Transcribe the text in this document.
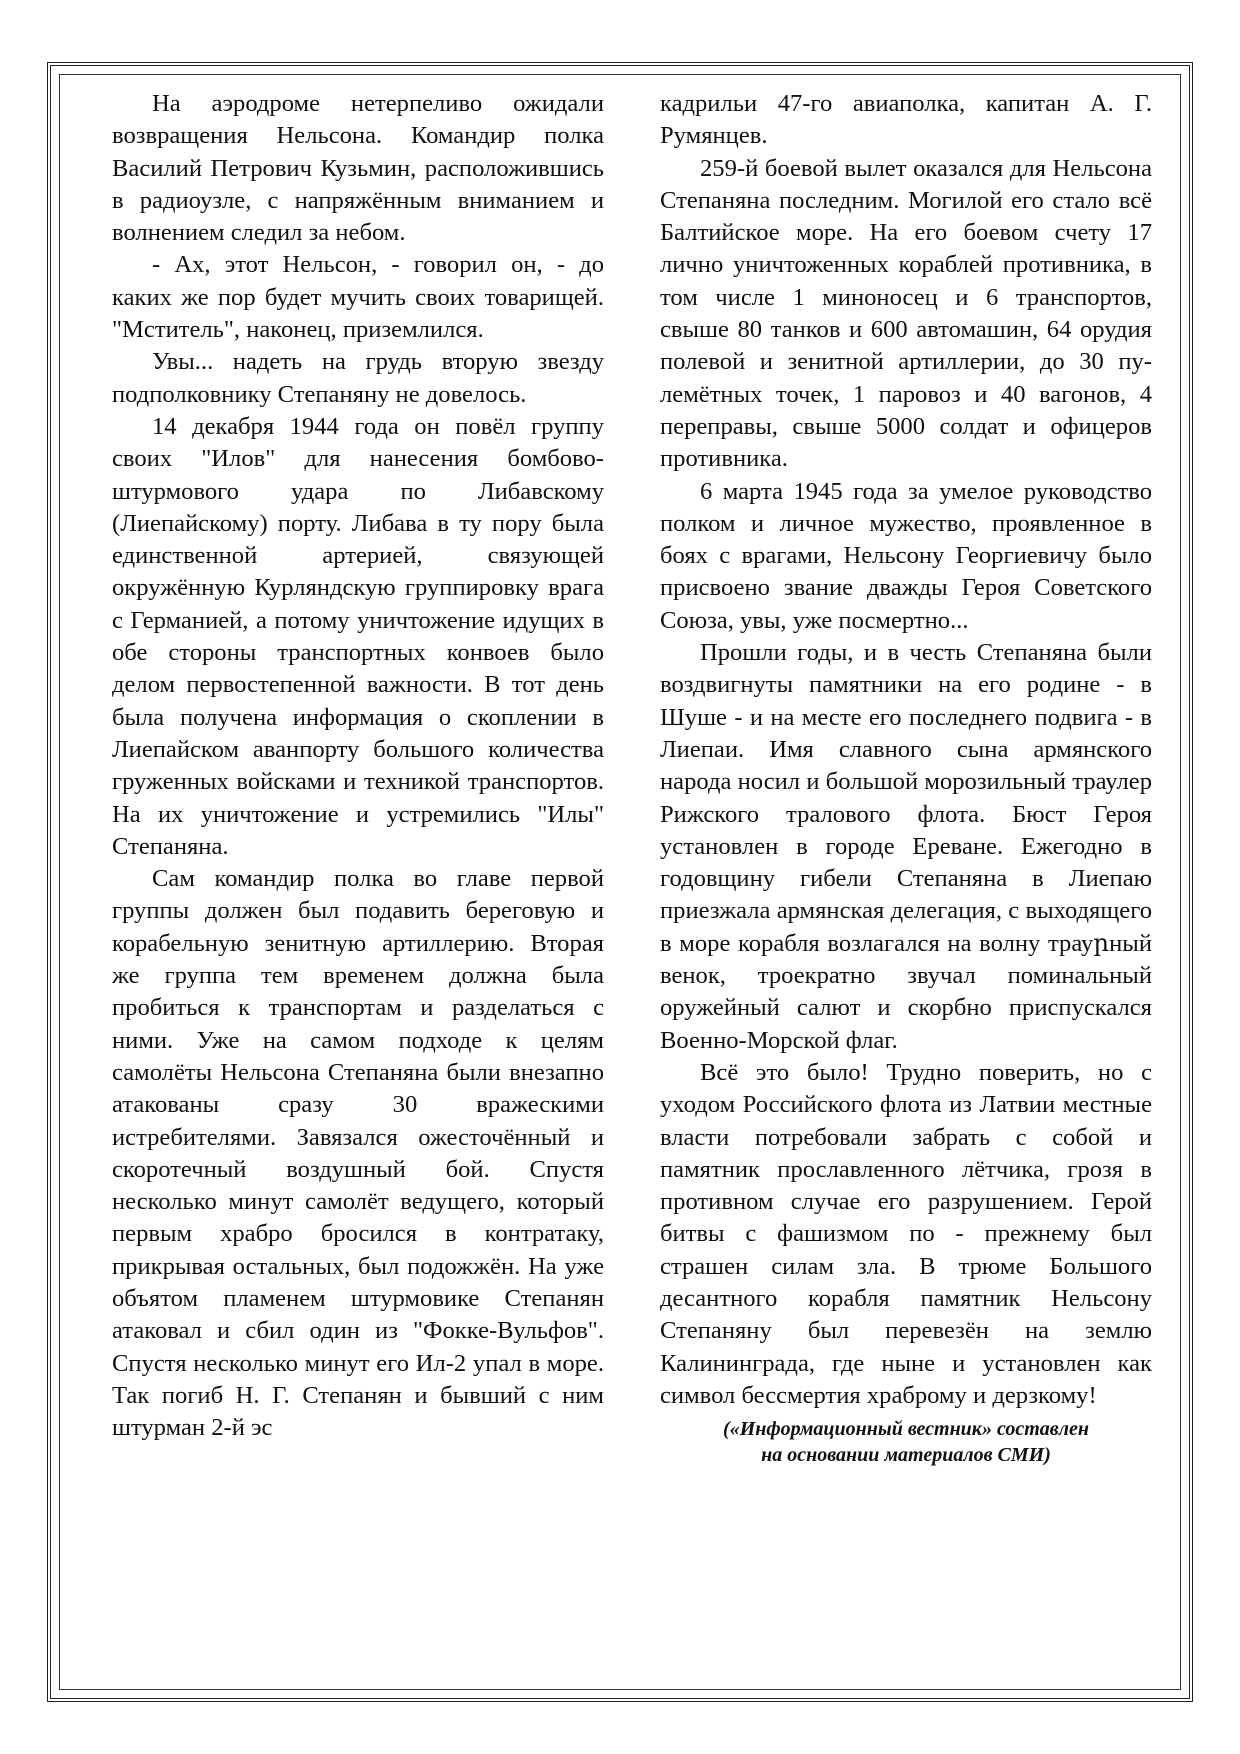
На аэродроме нетерпеливо ожидали возвращения Нельсона. Командир полка Василий Петрович Кузьмин, расположившись в радиоузле, с напряжённым вниманием и волнением следил за небом.

- Ах, этот Нельсон, - говорил он, - до каких же пор будет мучить своих товарищей. "Мститель", наконец, приземлился.

Увы... надеть на грудь вторую звезду подполковнику Степаняну не довелось.

14 декабря 1944 года он повёл группу своих "Илов" для нанесения бомбово-штурмового удара по Либавскому (Лиепайскому) порту. Либава в ту пору была единственной артерией, связующей окружённую Курляндскую группировку врага с Германией, а потому уничтожение идущих в обе стороны транспортных конвоев было делом первостепенной важности. В тот день была получена информация о скоплении в Лиепайском аванпорту большого количества груженных войсками и техникой транспортов. На их уничтожение и устремились "Илы" Степаняна.

Сам командир полка во главе первой группы должен был подавить береговую и корабельную зенитную артиллерию. Вторая же группа тем временем должна была пробиться к транспортам и разделаться с ними. Уже на самом подходе к целям самолёты Нельсона Степаняна были внезапно атакованы сразу 30 вражескими истребителями. Завязался ожесточённый и скоротечный воздушный бой. Спустя несколько минут самолёт ведущего, который первым храбро бросился в контратаку, прикрывая остальных, был подожжён. На уже объятом пламенем штурмовике Степанян атаковал и сбил один из "Фокке-Вульфов". Спустя несколько минут его Ил-2 упал в море. Так погиб Н. Г. Степанян и бывший с ним штурман 2-й эс

кадрильи 47-го авиаполка, капитан А. Г. Румянцев.

259-й боевой вылет оказался для Нельсона Степаняна последним. Могилой его стало всё Балтийское море. На его боевом счету 17 лично уничтоженных кораблей противника, в том числе 1 миноносец и 6 транспортов, свыше 80 танков и 600 автомашин, 64 орудия полевой и зенитной артиллерии, до 30 пулемётных точек, 1 паровоз и 40 вагонов, 4 переправы, свыше 5000 солдат и офицеров противника.

6 марта 1945 года за умелое руководство полком и личное мужество, проявленное в боях с врагами, Нельсону Георгиевичу было присвоено звание дважды Героя Советского Союза, увы, уже посмертно...

Прошли годы, и в честь Степаняна были воздвигнуты памятники на его родине - в Шуше - и на месте его последнего подвига - в Лиепаи. Имя славного сына армянского народа носил и большой морозильный траулер Рижского тралового флота. Бюст Героя установлен в городе Ереване. Ежегодно в годовщину гибели Степаняна в Лиепаю приезжала армянская делегация, с выходящего в море корабля возлагался на волну трауրный венок, троекратно звучал поминальный оружейный салют и скорбно приспускался Военно-Морской флаг.

Всё это было! Трудно поверить, но с уходом Российского флота из Латвии местные власти потребовали забрать с собой и памятник прославленного лётчика, грозя в противном случае его разрушением. Герой битвы с фашизмом по - прежнему был страшен силам зла. В трюме Большого десантного корабля памятник Нельсону Степаняну был перевезён на землю Калининграда, где ныне и установлен как символ бессмертия храброму и дерзкому!

(«Информационный вестник» составлен
на основании материалов СМИ)
